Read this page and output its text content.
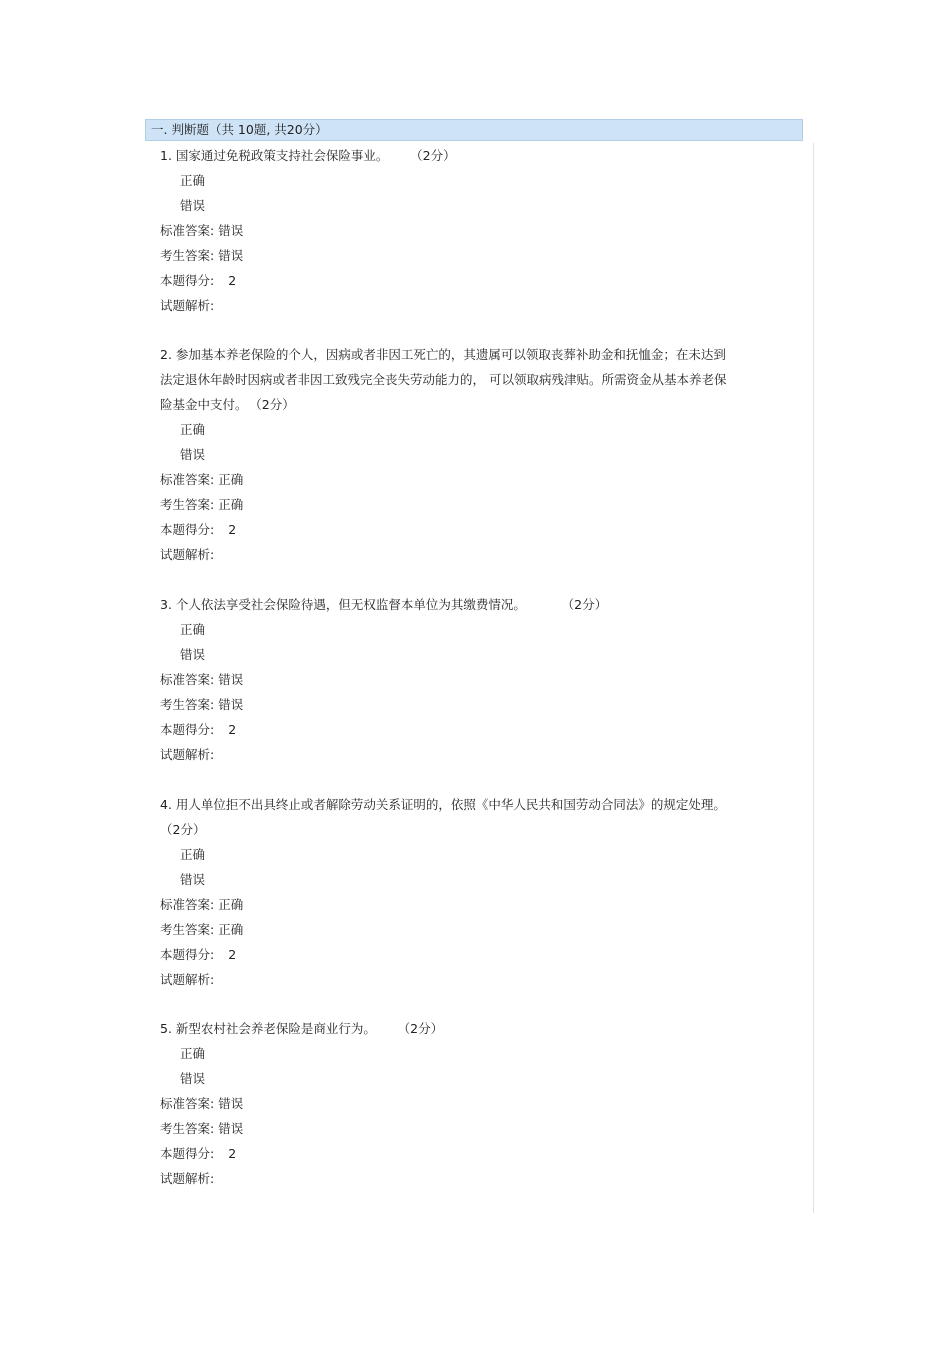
一. 判断题（共 10题, 共20分）
1. 国家通过免税政策支持社会保险事业。 （2分）
正确
错误
标准答案: 错误
考生答案: 错误
本题得分: 2
试题解析:
2. 参加基本养老保险的个人，因病或者非因工死亡的，其遗属可以领取丧葬补助金和抚恤金；在未达到
法定退休年龄时因病或者非因工致残完全丧失劳动能力的， 可以领取病残津贴。所需资金从基本养老保
险基金中支付。 （2分）
正确
错误
标准答案: 正确
考生答案: 正确
本题得分: 2
试题解析:
3. 个人依法享受社会保险待遇，但无权监督本单位为其缴费情况。	（2分）
正确
错误
标准答案: 错误
考生答案: 错误
本题得分: 2
试题解析:
4. 用人单位拒不出具终止或者解除劳动关系证明的，依照《中华人民共和国劳动合同法》的规定处理。
（2分）
正确
错误
标准答案: 正确
考生答案: 正确
本题得分: 2
试题解析:
5. 新型农村社会养老保险是商业行为。 （2分）
正确
错误
标准答案: 错误
考生答案: 错误
本题得分: 2
试题解析:
